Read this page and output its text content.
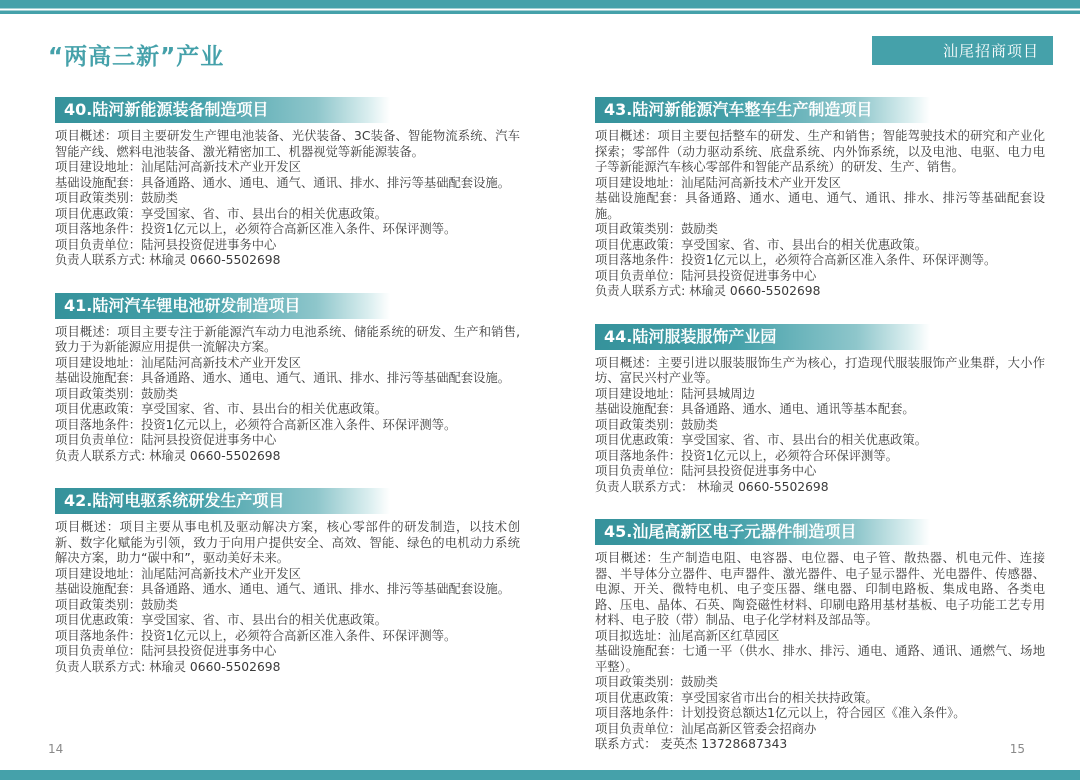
“两高三新”产业	汕尾招商项目
40.陆河新能源装备制造项目

项目概述：项目主要研发生产锂电池装备、光伏装备、3C装备、智能物流系统、汽车智能产线、燃料电池装备、激光精密加工、机器视觉等新能源装备。

项目建设地址：汕尾陆河高新技术产业开发区

基础设施配套：具备通路、通水、通电、通气、通讯、排水、排污等基础配套设施。

项目政策类别：鼓励类

项目优惠政策：享受国家、省、市、县出台的相关优惠政策。

项目落地条件：投资1亿元以上，必须符合高新区准入条件、环保评测等。

项目负责单位：陆河县投资促进事务中心

负责人联系方式: 林瑜灵 0660-5502698

41.陆河汽车锂电池研发制造项目

项目概述：项目主要专注于新能源汽车动力电池系统、储能系统的研发、生产和销售,致力于为新能源应用提供一流解决方案。

项目建设地址：汕尾陆河高新技术产业开发区

基础设施配套：具备通路、通水、通电、通气、通讯、排水、排污等基础配套设施。

项目政策类别：鼓励类

项目优惠政策：享受国家、省、市、县出台的相关优惠政策。

项目落地条件：投资1亿元以上，必须符合高新区准入条件、环保评测等。

项目负责单位：陆河县投资促进事务中心

负责人联系方式: 林瑜灵 0660-5502698

42.陆河电驱系统研发生产项目

项目概述：项目主要从事电机及驱动解决方案，核心零部件的研发制造，以技术创新、数字化赋能为引领，致力于向用户提供安全、高效、智能、绿色的电机动力系统解决方案，助力“碳中和”，驱动美好未来。

项目建设地址：汕尾陆河高新技术产业开发区

基础设施配套：具备通路、通水、通电、通气、通讯、排水、排污等基础配套设施。

项目政策类别：鼓励类

项目优惠政策：享受国家、省、市、县出台的相关优惠政策。

项目落地条件：投资1亿元以上，必须符合高新区准入条件、环保评测等。

项目负责单位：陆河县投资促进事务中心

负责人联系方式: 林瑜灵 0660-5502698

43.陆河新能源汽车整车生产制造项目

项目概述：项目主要包括整车的研发、生产和销售；智能驾驶技术的研究和产业化探索；零部件（动力驱动系统、底盘系统、内外饰系统，以及电池、电驱、电力电子等新能源汽车核心零部件和智能产品系统）的研发、生产、销售。

项目建设地址：汕尾陆河高新技术产业开发区

基础设施配套：具备通路、通水、通电、通气、通讯、排水、排污等基础配套设施。

项目政策类别：鼓励类

项目优惠政策：享受国家、省、市、县出台的相关优惠政策。

项目落地条件：投资1亿元以上，必须符合高新区准入条件、环保评测等。

项目负责单位：陆河县投资促进事务中心

负责人联系方式: 林瑜灵 0660-5502698

44.陆河服装服饰产业园

项目概述：主要引进以服装服饰生产为核心，打造现代服装服饰产业集群，大小作坊、富民兴村产业等。

项目建设地址：陆河县城周边

基础设施配套：具备通路、通水、通电、通讯等基本配套。

项目政策类别：鼓励类

项目优惠政策：享受国家、省、市、县出台的相关优惠政策。

项目落地条件：投资1亿元以上，必须符合环保评测等。

项目负责单位：陆河县投资促进事务中心

负责人联系方式： 林瑜灵 0660-5502698

45.汕尾高新区电子元器件制造项目

项目概述：生产制造电阻、电容器、电位器、电子管、散热器、机电元件、连接器、半导体分立器件、电声器件、激光器件、电子显示器件、光电器件、传感器、电源、开关、微特电机、电子变压器、继电器、印制电路板、集成电路、各类电路、压电、晶体、石英、陶瓷磁性材料、印刷电路用基材基板、电子功能工艺专用材料、电子胶（带）制品、电子化学材料及部品等。

项目拟选址：汕尾高新区红草园区

基础设施配套：七通一平（供水、排水、排污、通电、通路、通讯、通燃气、场地平整）。

项目政策类别：鼓励类

项目优惠政策：享受国家省市出台的相关扶持政策。

项目落地条件：计划投资总额达1亿元以上，符合园区《准入条件》。

项目负责单位：汕尾高新区管委会招商办

联系方式： 麦英杰 13728687343

14	15
